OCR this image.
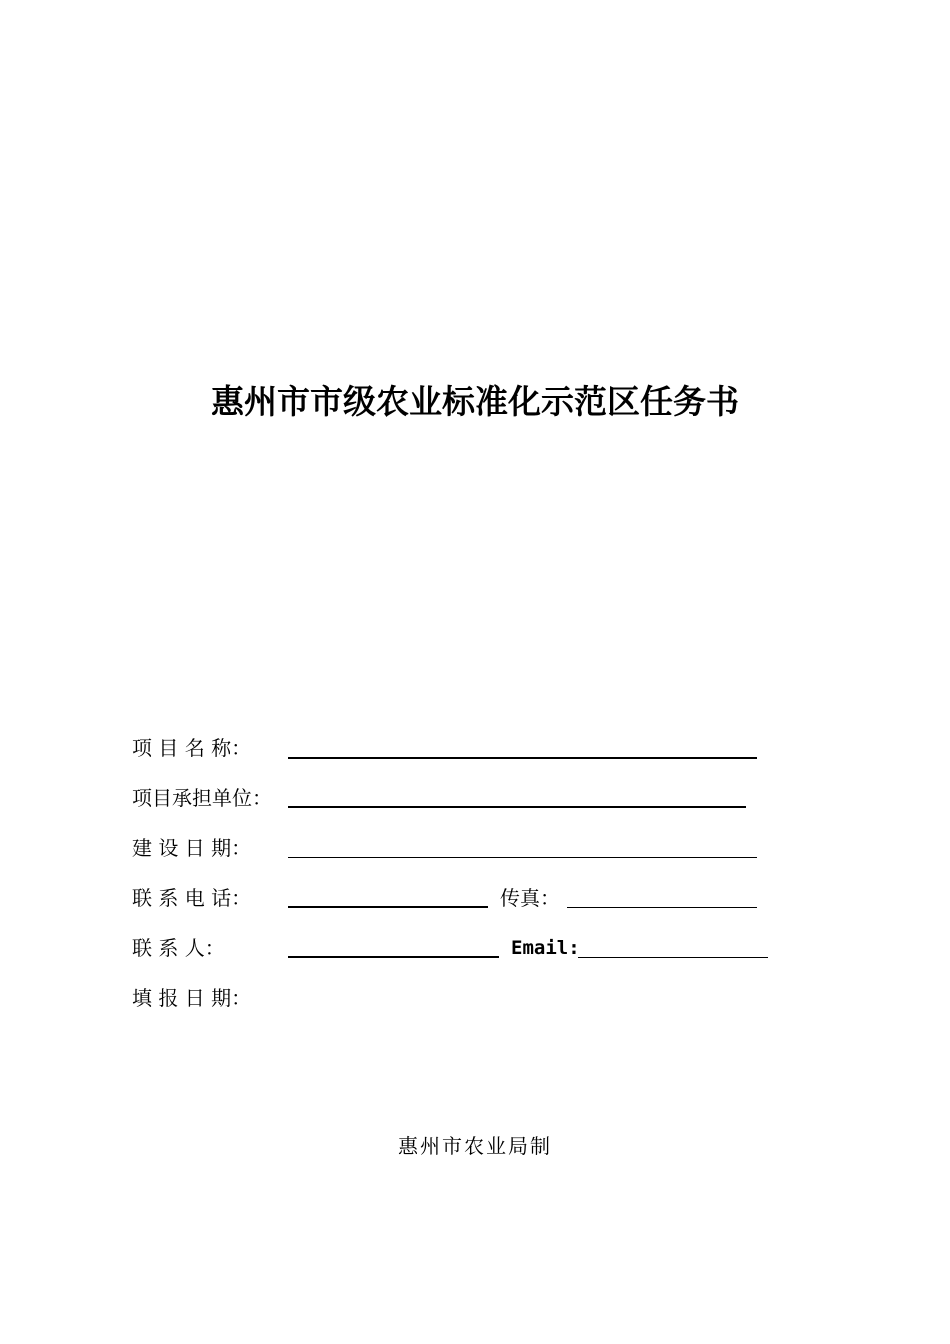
惠州市市级农业标准化示范区任务书
项 目 名 称：
项目承担单位：
建 设 日 期：
联 系 电 话：	传真：
联 系 人：	Email:
填 报 日 期：
惠州市农业局制
